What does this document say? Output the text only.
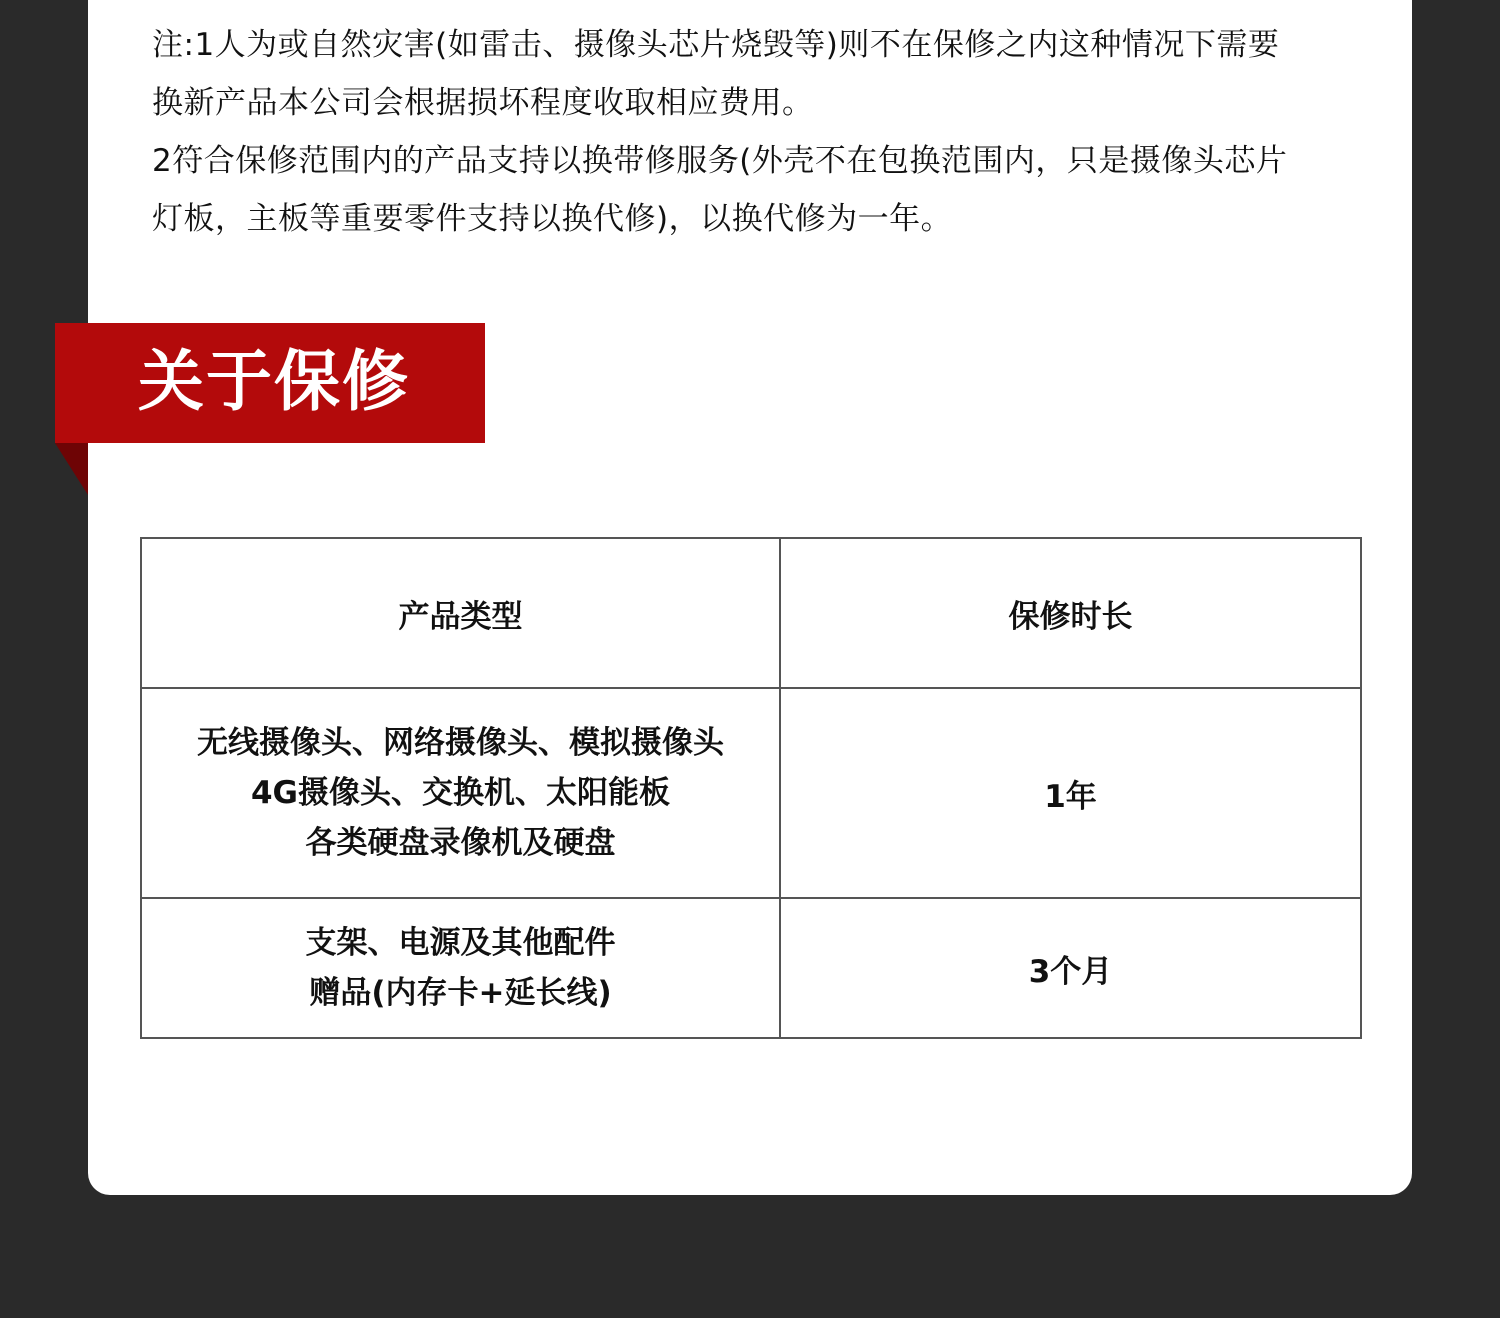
注:1人为或自然灾害(如雷击、摄像头芯片烧毁等)则不在保修之内这种情况下需要

换新产品本公司会根据损坏程度收取相应费用。

2符合保修范围内的产品支持以换带修服务(外壳不在包换范围内，只是摄像头芯片

灯板，主板等重要零件支持以换代修)，以换代修为一年。

关于保修
产品类型	保修时长

无线摄像头、网络摄像头、模拟摄像头
4G摄像头、交换机、太阳能板
各类硬盘录像机及硬盘	1年

支架、电源及其他配件
赠品(内存卡+延长线)	3个月
